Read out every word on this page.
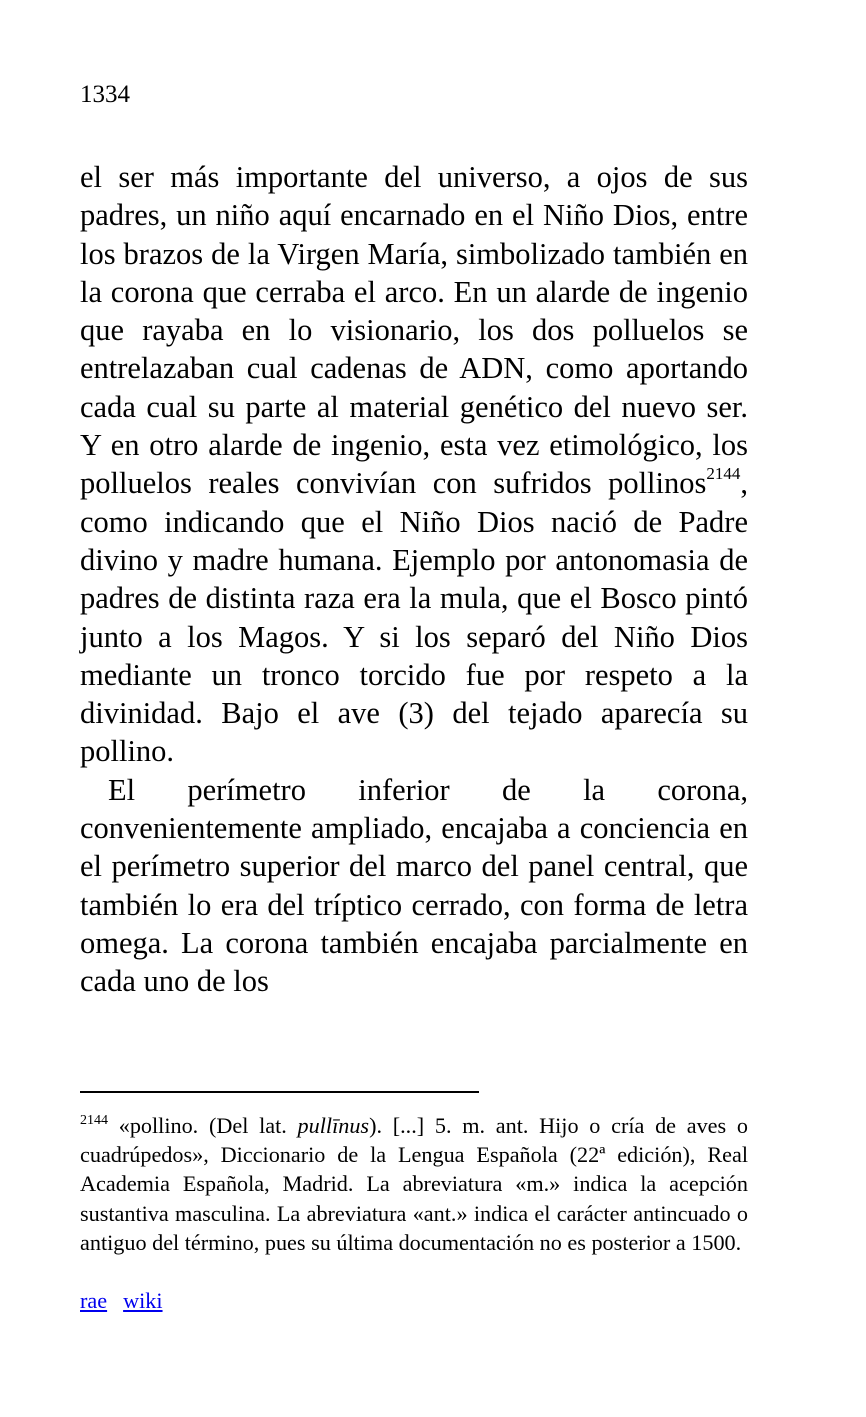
1334

el ser más importante del universo, a ojos de sus padres, un niño aquí encarnado en el Niño Dios, entre los brazos de la Virgen María, simbolizado también en la corona que cerraba el arco. En un alarde de ingenio que rayaba en lo visionario, los dos polluelos se entrelazaban cual cadenas de ADN, como aportando cada cual su parte al material genético del nuevo ser. Y en otro alarde de ingenio, esta vez etimológico, los polluelos reales convivían con sufridos pollinos$^{2144}$, como indicando que el Niño Dios nació de Padre divino y madre humana. Ejemplo por antonomasia de padres de distinta raza era la mula, que el Bosco pintó junto a los Magos. Y si los separó del Niño Dios mediante un tronco torcido fue por respeto a la divinidad. Bajo el ave (3) del tejado aparecía su pollino.

El perímetro inferior de la corona, convenientemente ampliado, encajaba a conciencia en el perímetro superior del marco del panel central, que también lo era del tríptico cerrado, con forma de letra omega. La corona también encajaba parcialmente en cada uno de los

$^{2144}$ «pollino. (Del lat. pullīnus). [...] 5. m. ant. Hijo o cría de aves o cuadrúpedos», Diccionario de la Lengua Española (22ª edición), Real Academia Española, Madrid. La abreviatura «m.» indica la acepción sustantiva masculina. La abreviatura «ant.» indica el carácter antincuado o antiguo del término, pues su última documentación no es posterior a 1500.
rae wiki
